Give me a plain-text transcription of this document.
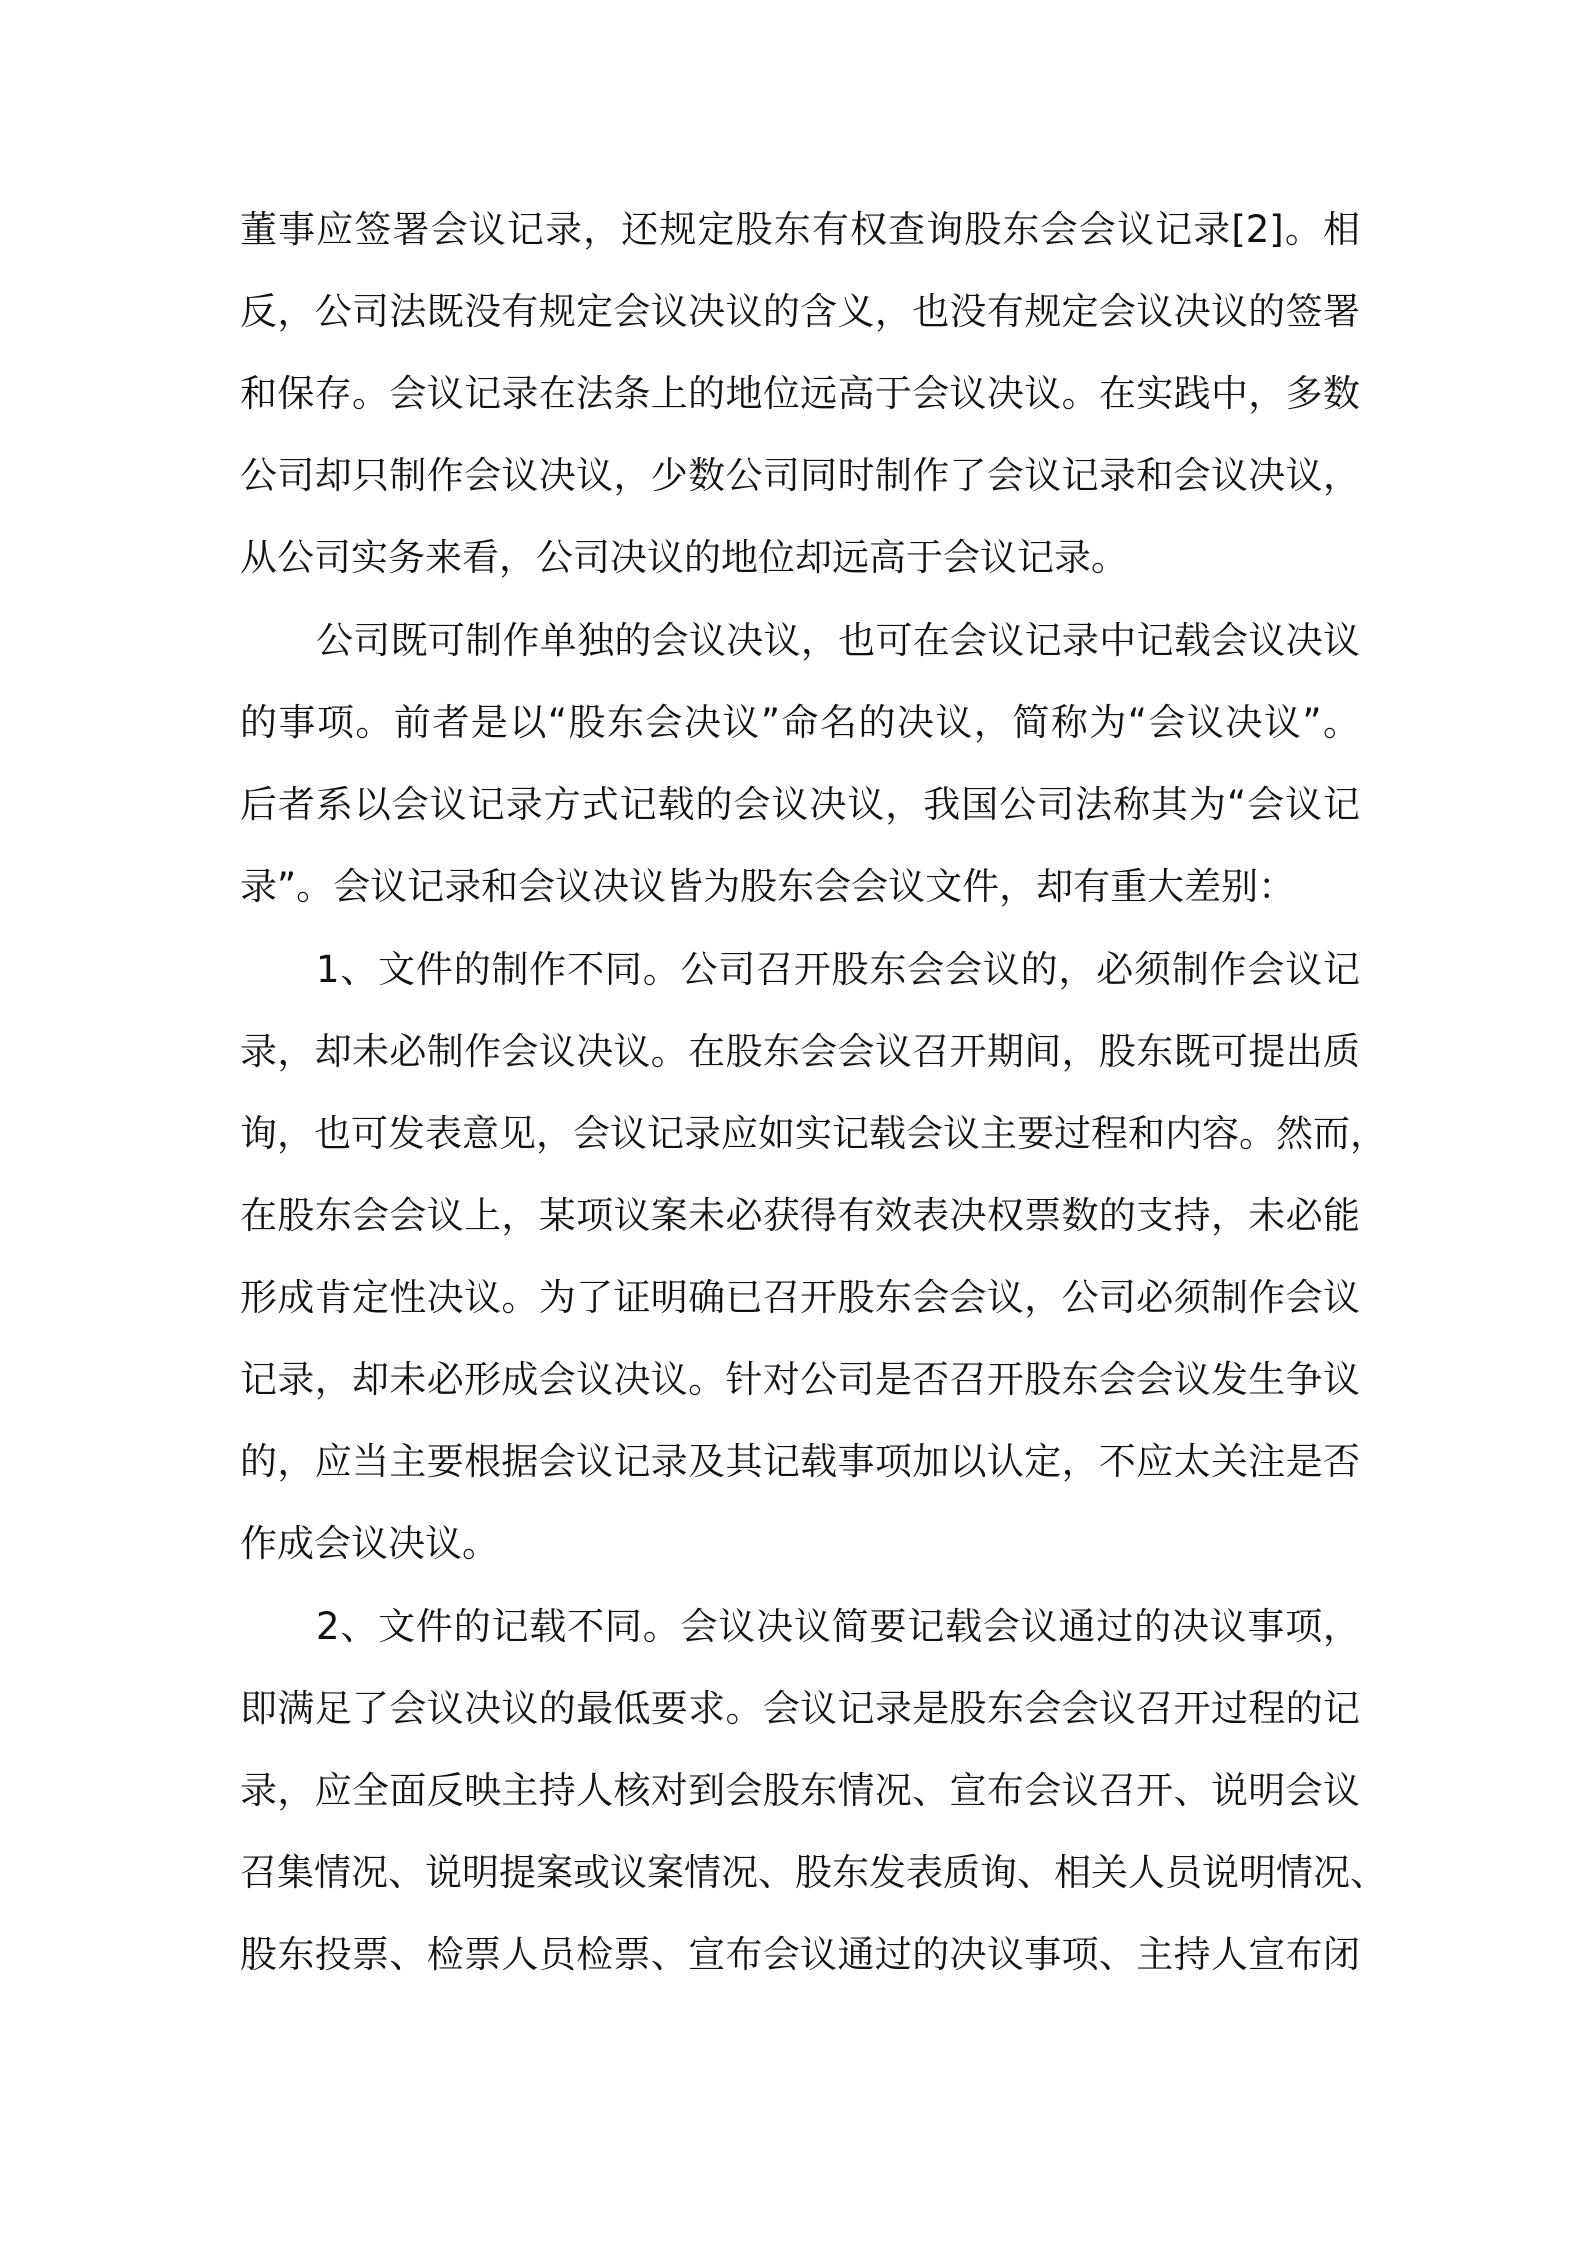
董事应签署会议记录，还规定股东有权查询股东会会议记录[2]。相

反，公司法既没有规定会议决议的含义，也没有规定会议决议的签署

和保存。会议记录在法条上的地位远高于会议决议。在实践中，多数

公司却只制作会议决议，少数公司同时制作了会议记录和会议决议，

从公司实务来看，公司决议的地位却远高于会议记录。

公司既可制作单独的会议决议，也可在会议记录中记载会议决议

的事项。前者是以“股东会决议”命名的决议，简称为“会议决议”。

后者系以会议记录方式记载的会议决议，我国公司法称其为“会议记

录”。会议记录和会议决议皆为股东会会议文件，却有重大差别：

1、文件的制作不同。公司召开股东会会议的，必须制作会议记

录，却未必制作会议决议。在股东会会议召开期间，股东既可提出质

询，也可发表意见，会议记录应如实记载会议主要过程和内容。然而，

在股东会会议上，某项议案未必获得有效表决权票数的支持，未必能

形成肯定性决议。为了证明确已召开股东会会议，公司必须制作会议

记录，却未必形成会议决议。针对公司是否召开股东会会议发生争议

的，应当主要根据会议记录及其记载事项加以认定，不应太关注是否

作成会议决议。

2、文件的记载不同。会议决议简要记载会议通过的决议事项，

即满足了会议决议的最低要求。会议记录是股东会会议召开过程的记

录，应全面反映主持人核对到会股东情况、宣布会议召开、说明会议

召集情况、说明提案或议案情况、股东发表质询、相关人员说明情况、

股东投票、检票人员检票、宣布会议通过的决议事项、主持人宣布闭
